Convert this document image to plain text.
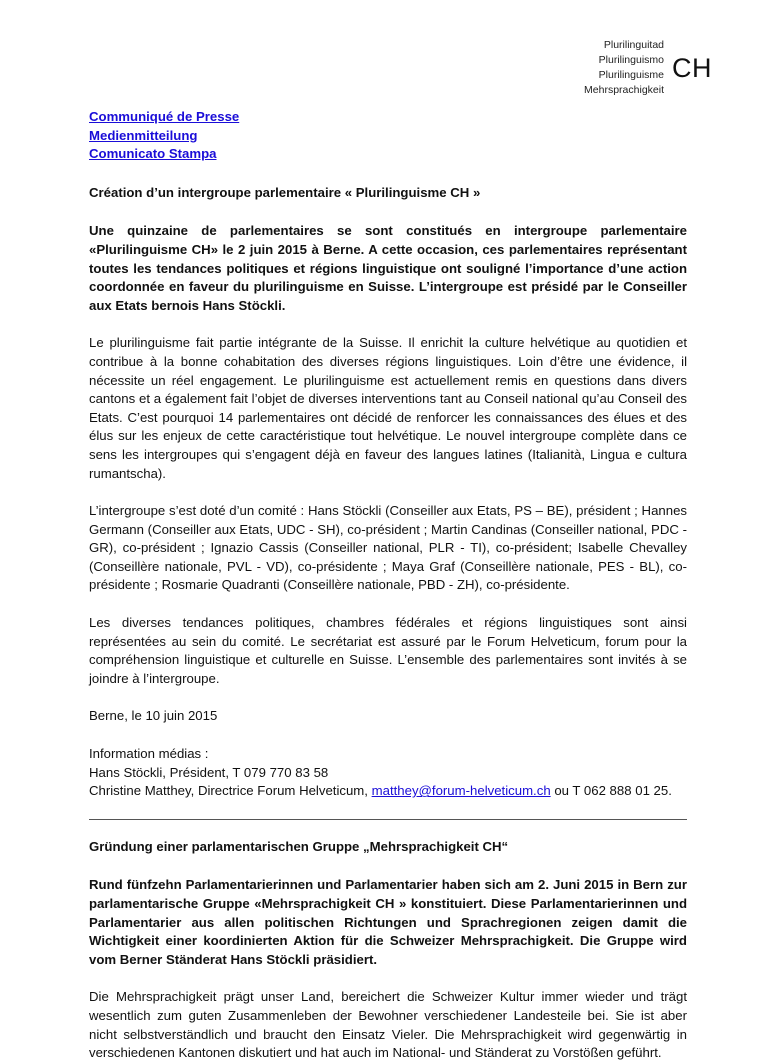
Plurilinguitad
Plurilinguismo
Plurilinguisme
Mehrsprachigkeit
CH
Communiqué de Presse
Medienmitteilung
Comunicato Stampa

Création d’un intergroupe parlementaire « Plurilinguisme CH »

Une quinzaine de parlementaires se sont constitués en intergroupe parlementaire «Plurilinguisme CH» le 2 juin 2015 à Berne. A cette occasion, ces parlementaires représentant toutes les tendances politiques et régions linguistique ont souligné l’importance d’une action coordonnée en faveur du plurilinguisme en Suisse. L’intergroupe est présidé par le Conseiller aux Etats bernois Hans Stöckli.

Le plurilinguisme fait partie intégrante de la Suisse. Il enrichit la culture helvétique au quotidien et contribue à la bonne cohabitation des diverses régions linguistiques. Loin d’être une évidence, il nécessite un réel engagement. Le plurilinguisme est actuellement remis en questions dans divers cantons et a également fait l’objet de diverses interventions tant au Conseil national qu’au Conseil des Etats. C’est pourquoi 14 parlementaires ont décidé de renforcer les connaissances des élues et des élus sur les enjeux de cette caractéristique tout helvétique. Le nouvel intergroupe complète dans ce sens les intergroupes qui s’engagent déjà en faveur des langues latines (Italianità, Lingua e cultura rumantscha).

L’intergroupe s’est doté d’un comité : Hans Stöckli (Conseiller aux Etats, PS – BE), président ; Hannes Germann (Conseiller aux Etats, UDC - SH), co-président ; Martin Candinas (Conseiller national, PDC - GR), co-président ; Ignazio Cassis (Conseiller national, PLR - TI), co-président; Isabelle Chevalley (Conseillère nationale, PVL - VD), co-présidente ; Maya Graf (Conseillère nationale, PES - BL), co-présidente ; Rosmarie Quadranti (Conseillère nationale, PBD - ZH), co-présidente.

Les diverses tendances politiques, chambres fédérales et régions linguistiques sont ainsi représentées au sein du comité. Le secrétariat est assuré par le Forum Helveticum, forum pour la compréhension linguistique et culturelle en Suisse. L’ensemble des parlementaires sont invités à se joindre à l’intergroupe.

Berne, le 10 juin 2015

Information médias :
Hans Stöckli, Président, T 079 770 83 58
Christine Matthey, Directrice Forum Helveticum, matthey@forum-helveticum.ch ou T 062 888 01 25.

Gründung einer parlamentarischen Gruppe „Mehrsprachigkeit CH“

Rund fünfzehn Parlamentarierinnen und Parlamentarier haben sich am 2. Juni 2015 in Bern zur parlamentarische Gruppe «Mehrsprachigkeit CH » konstituiert. Diese Parlamentarierinnen und Parlamentarier aus allen politischen Richtungen und Sprachregionen zeigen damit die Wichtigkeit einer koordinierten Aktion für die Schweizer Mehrsprachigkeit. Die Gruppe wird vom Berner Ständerat Hans Stöckli präsidiert.

Die Mehrsprachigkeit prägt unser Land, bereichert die Schweizer Kultur immer wieder und trägt wesentlich zum guten Zusammenleben der Bewohner verschiedener Landesteile bei. Sie ist aber nicht selbstverständlich und braucht den Einsatz Vieler. Die Mehrsprachigkeit wird gegenwärtig in verschiedenen Kantonen diskutiert und hat auch im National- und Ständerat zu Vorstößen geführt.
